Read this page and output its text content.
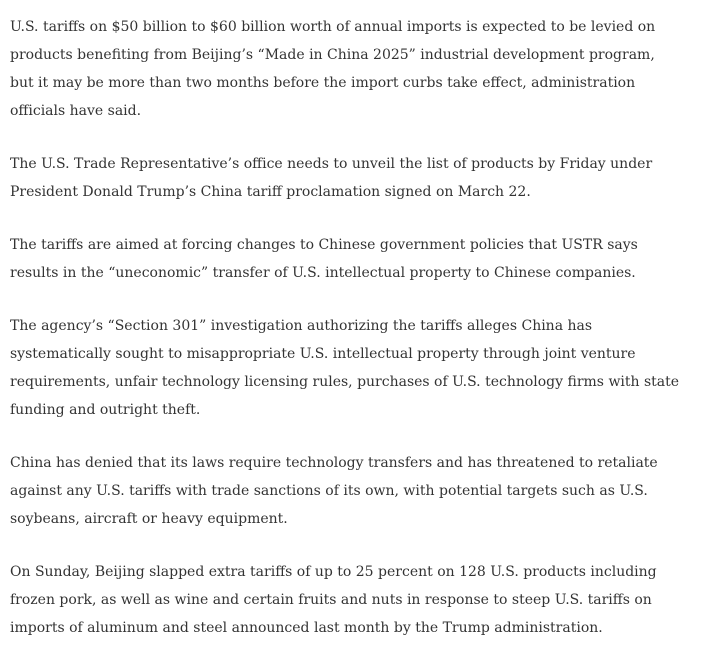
U.S. tariffs on $50 billion to $60 billion worth of annual imports is expected to be levied on
products benefiting from Beijing’s “Made in China 2025” industrial development program,
but it may be more than two months before the import curbs take effect, administration
officials have said.

The U.S. Trade Representative’s office needs to unveil the list of products by Friday under
President Donald Trump’s China tariff proclamation signed on March 22.

The tariffs are aimed at forcing changes to Chinese government policies that USTR says
results in the “uneconomic” transfer of U.S. intellectual property to Chinese companies.

The agency’s “Section 301” investigation authorizing the tariffs alleges China has
systematically sought to misappropriate U.S. intellectual property through joint venture
requirements, unfair technology licensing rules, purchases of U.S. technology firms with state
funding and outright theft.

China has denied that its laws require technology transfers and has threatened to retaliate
against any U.S. tariffs with trade sanctions of its own, with potential targets such as U.S.
soybeans, aircraft or heavy equipment.

On Sunday, Beijing slapped extra tariffs of up to 25 percent on 128 U.S. products including
frozen pork, as well as wine and certain fruits and nuts in response to steep U.S. tariffs on
imports of aluminum and steel announced last month by the Trump administration.
